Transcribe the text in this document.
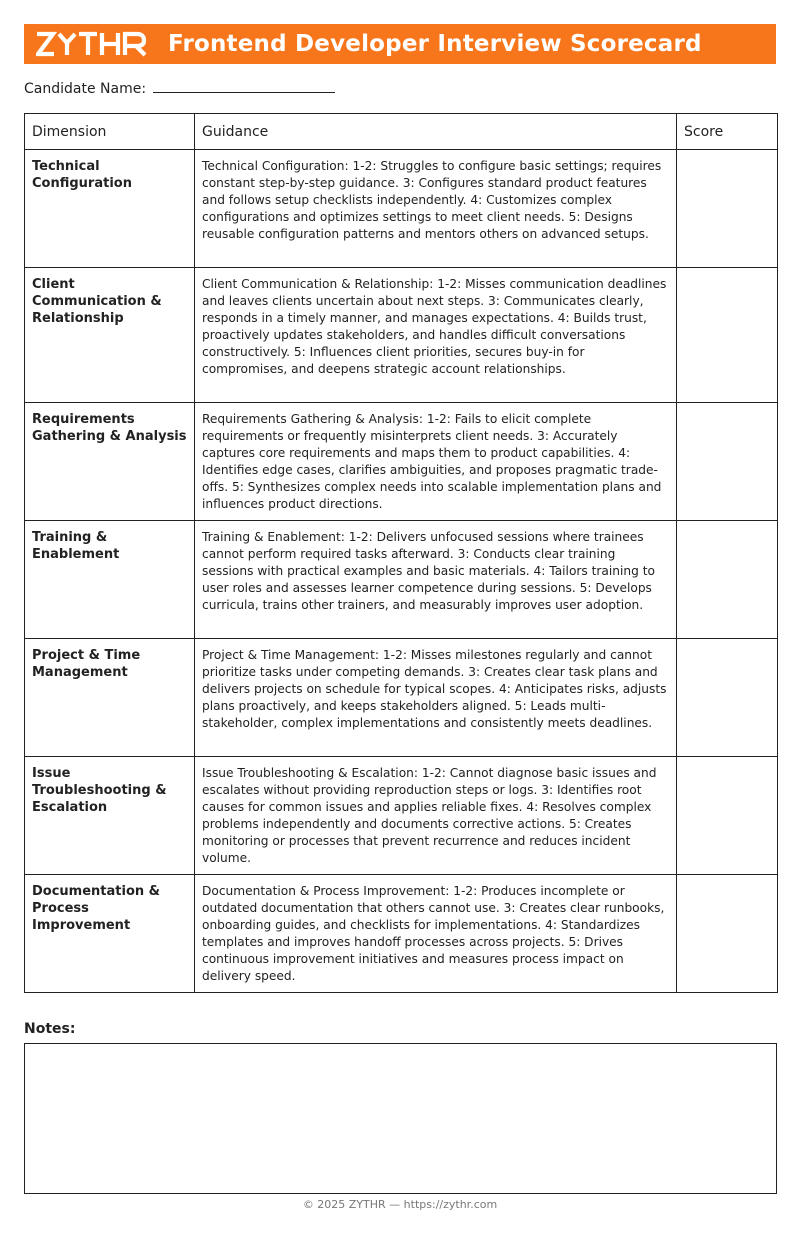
Frontend Developer Interview Scorecard
Candidate Name:
Dimension	Guidance	Score

Technical Configuration	Technical Configuration: 1-2: Struggles to configure basic settings; requires constant step-by-step guidance. 3: Configures standard product features and follows setup checklists independently. 4: Customizes complex configurations and optimizes settings to meet client needs. 5: Designs reusable configuration patterns and mentors others on advanced setups.	

Client Communication & Relationship	Client Communication & Relationship: 1-2: Misses communication deadlines and leaves clients uncertain about next steps. 3: Communicates clearly, responds in a timely manner, and manages expectations. 4: Builds trust, proactively updates stakeholders, and handles difficult conversations constructively. 5: Influences client priorities, secures buy-in for compromises, and deepens strategic account relationships.	

Requirements Gathering & Analysis	Requirements Gathering & Analysis: 1-2: Fails to elicit complete requirements or frequently misinterprets client needs. 3: Accurately captures core requirements and maps them to product capabilities. 4: Identifies edge cases, clarifies ambiguities, and proposes pragmatic trade-offs. 5: Synthesizes complex needs into scalable implementation plans and influences product directions.	

Training & Enablement	Training & Enablement: 1-2: Delivers unfocused sessions where trainees cannot perform required tasks afterward. 3: Conducts clear training sessions with practical examples and basic materials. 4: Tailors training to user roles and assesses learner competence during sessions. 5: Develops curricula, trains other trainers, and measurably improves user adoption.	

Project & Time Management	Project & Time Management: 1-2: Misses milestones regularly and cannot prioritize tasks under competing demands. 3: Creates clear task plans and delivers projects on schedule for typical scopes. 4: Anticipates risks, adjusts plans proactively, and keeps stakeholders aligned. 5: Leads multi-stakeholder, complex implementations and consistently meets deadlines.	

Issue Troubleshooting & Escalation	Issue Troubleshooting & Escalation: 1-2: Cannot diagnose basic issues and escalates without providing reproduction steps or logs. 3: Identifies root causes for common issues and applies reliable fixes. 4: Resolves complex problems independently and documents corrective actions. 5: Creates monitoring or processes that prevent recurrence and reduces incident volume.	

Documentation & Process Improvement	Documentation & Process Improvement: 1-2: Produces incomplete or outdated documentation that others cannot use. 3: Creates clear runbooks, onboarding guides, and checklists for implementations. 4: Standardizes templates and improves handoff processes across projects. 5: Drives continuous improvement initiatives and measures process impact on delivery speed.	

Notes:
© 2025 ZYTHR — https://zythr.com
